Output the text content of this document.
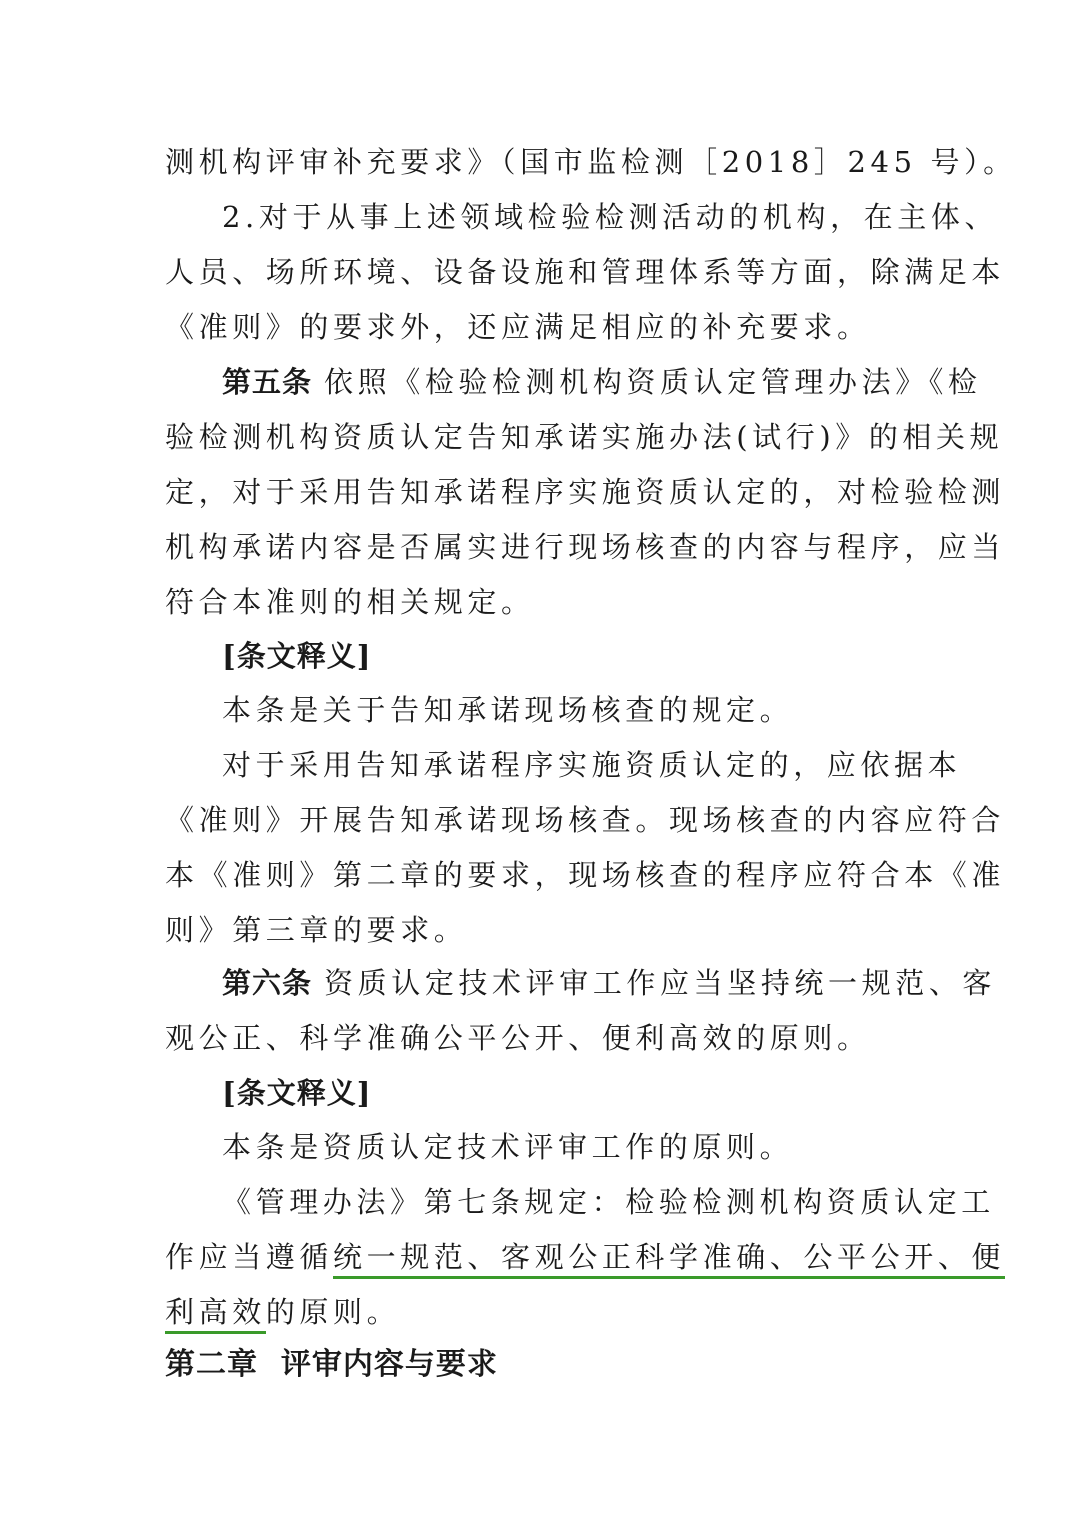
测机构评审补充要求》（国市监检测［2018］245 号）。
2.对于从事上述领域检验检测活动的机构，在主体、
人员、场所环境、设备设施和管理体系等方面，除满足本
《准则》的要求外，还应满足相应的补充要求。
第五条 依照《检验检测机构资质认定管理办法》《检
验检测机构资质认定告知承诺实施办法(试行)》的相关规
定，对于采用告知承诺程序实施资质认定的，对检验检测
机构承诺内容是否属实进行现场核查的内容与程序，应当
符合本准则的相关规定。
[条文释义]
本条是关于告知承诺现场核查的规定。
对于采用告知承诺程序实施资质认定的，应依据本
《准则》开展告知承诺现场核查。现场核查的内容应符合
本《准则》第二章的要求，现场核查的程序应符合本《准
则》第三章的要求。
第六条 资质认定技术评审工作应当坚持统一规范、客
观公正、科学准确公平公开、便利高效的原则。
[条文释义]
本条是资质认定技术评审工作的原则。
《管理办法》第七条规定：检验检测机构资质认定工
作应当遵循统一规范、客观公正科学准确、公平公开、便
利高效的原则。
第二章  评审内容与要求
